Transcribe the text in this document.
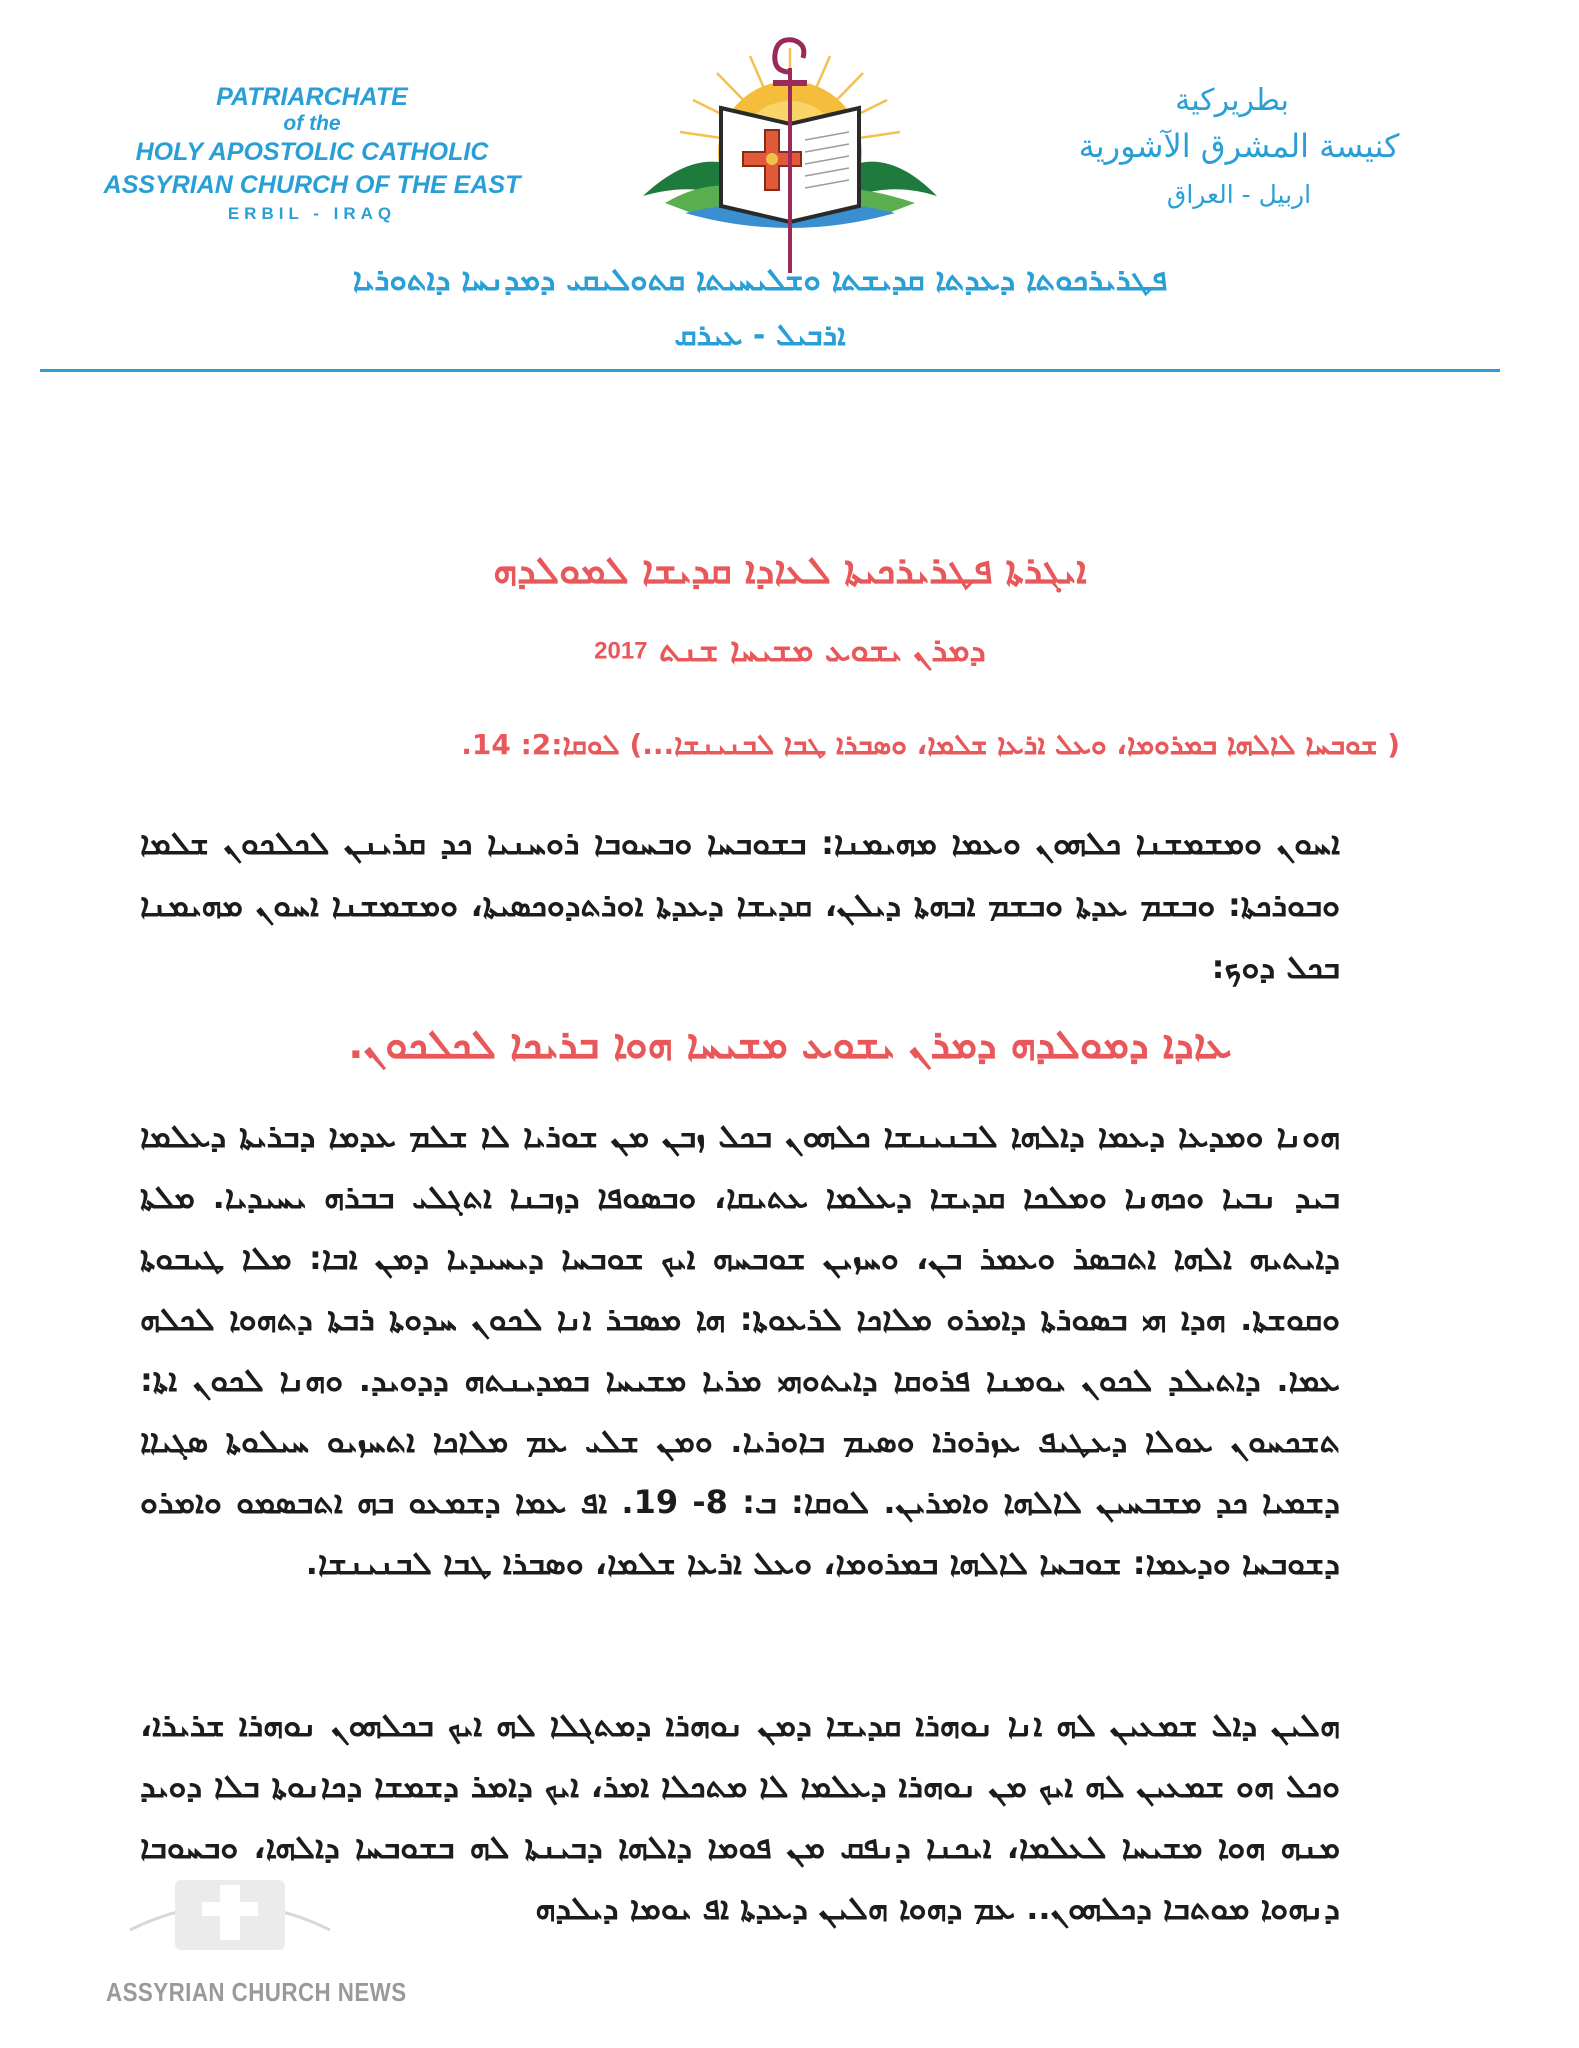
PATRIARCHATE
of the
HOLY APOSTOLIC CATHOLIC
ASSYRIAN CHURCH OF THE EAST
ERBIL - IRAQ
بطريركية
كنيسة المشرق الآشورية
اربيل - العراق
ܦܛܪܝܪܟܘܬܐ ܕܥܕܬܐ ܩܕܝܫܬܐ ܘܫܠܝܚܝܬܐ ܩܬܘܠܝܩܝ ܕܡܕܢܚܐ ܕܐܬܘܪܝܐ
ܐܪܒܝܠ - ܥܝܪܩ
ܐܝܓܪܬܐ ܦܛܪܝܪܟܝܬܐ ܠܥܐܕܐ ܩܕܝܫܐ ܠܡܘܠܕܗ
ܕܡܪܢ ܝܫܘܥ ܡܫܝܚܐ ܫܢܬ 2017
( ܫܘܒܚܐ ܠܐܠܗܐ ܒܡܪܘܡܐ، ܘܥܠ ܐܪܥܐ ܫܠܡܐ، ܘܣܒܪܐ ܛܒܐ ܠܒܢܝܢܫܐ...) ܠܘܩܐ:2: 14.
ܐܚܘܢ ܘܡܫܡܫܢܐ ܟܠܗܘܢ ܘܥܡܐ ܡܗܝܡܢܐ: ܒܫܘܒܚܐ ܘܒܚܘܒܐ ܪܘܚܢܝܐ ܟܕ ܩܪܝܢܢ ܠܟܠܟܘܢ ܫܠܡܐ ܘܒܘܪܟܬܐ: ܘܒܫܡ ܥܕܬܐ ܘܒܫܡ ܐܒܗܬܐ ܕܝܠܢ، ܩܕܝܫܐ ܕܥܕܬܐ ܐܘܪܬܕܘܟܣܝܬܐ، ܘܡܫܡܫܢܐ ܐܚܘܢ ܡܗܝܡܢܐ ܒܟܠ ܕܘܟ:
ܥܐܕܐ ܕܡܘܠܕܗ ܕܡܪܢ ܝܫܘܥ ܡܫܝܚܐ ܗܘܐ ܒܪܝܟܐ ܠܟܠܟܘܢ.
ܗܘܢܐ ܘܡܕܥܐ ܕܥܡܐ ܕܐܠܗܐ ܠܒܢܝܢܫܐ ܟܠܗܘܢ ܒܟܠ ܙܒܢ ܡܢ ܫܘܪܝܐ ܠܐ ܫܠܡ ܥܕܡܐ ܕܒܪܝܬܐ ܕܥܠܡܐ ܒܝܕ ܢܒܝܐ ܘܟܗܢܐ ܘܡܠܟܐ ܩܕܝܫܐ ܕܥܠܡܐ ܥܬܝܩܐ، ܘܒܣܘܦܐ ܕܙܒܢܐ ܐܬܓܠܝ ܒܒܪܗ ܝܚܝܕܝܐ. ܡܠܬܐ ܕܐܝܬܝܗ ܐܠܗܐ ܐܬܒܣܪ ܘܥܡܪ ܒܢ، ܘܚܙܝܢ ܫܘܒܚܗ ܐܝܟ ܫܘܒܚܐ ܕܝܚܝܕܝܐ ܕܡܢ ܐܒܐ: ܡܠܐ ܛܝܒܘܬܐ ܘܩܘܫܬܐ. ܗܕܐ ܗܝ ܒܣܘܪܬܐ ܕܐܡܪܘ ܡܠܐܟܐ ܠܪܥܘܬܐ: ܗܐ ܡܣܒܪ ܐܢܐ ܠܟܘܢ ܚܕܘܬܐ ܪܒܬܐ ܕܬܗܘܐ ܠܟܠܗ ܥܡܐ. ܕܐܬܝܠܕ ܠܟܘܢ ܝܘܡܢܐ ܦܪܘܩܐ ܕܐܝܬܘܗܝ ܡܪܝܐ ܡܫܝܚܐ ܒܡܕܝܢܬܗ ܕܕܘܝܕ. ܘܗܢܐ ܠܟܘܢ ܐܬܐ: ܬܫܟܚܘܢ ܥܘܠܐ ܕܥܛܝܦ ܥܙܪܘܪܐ ܘܣܝܡ ܒܐܘܪܝܐ. ܘܡܢ ܫܠܝ ܥܡ ܡܠܐܟܐ ܐܬܚܙܝܘ ܚܝܠܘܬܐ ܣܓܝܐܐ ܕܫܡܝܐ ܟܕ ܡܫܒܚܝܢ ܠܐܠܗܐ ܘܐܡܪܝܢ. ܠܘܩܐ: ܒ: 8- 19. ܐܦ ܥܡܐ ܕܫܡܥܘ ܒܗ ܐܬܒܣܡܘ ܘܐܡܪܘ ܕܫܘܒܚܐ ܘܕܥܡܐ: ܫܘܒܚܐ ܠܐܠܗܐ ܒܡܪܘܡܐ، ܘܥܠ ܐܪܥܐ ܫܠܡܐ، ܘܣܒܪܐ ܛܒܐ ܠܒܢܝܢܫܐ.
ܗܠܝܢ ܕܐܠ ܫܡܥܝܢ ܠܗ ܐܢܐ ܢܘܗܪܐ ܩܕܝܫܐ ܕܡܢ ܢܘܗܪܐ ܕܡܬܓܠܐ ܠܗ ܐܝܟ ܒܟܠܗܘܢ ܢܘܗܪܐ ܫܪܝܪܐ، ܘܟܠ ܗܘ ܫܡܥܝܢ ܠܗ ܐܝܟ ܡܢ ܢܘܗܪܐ ܕܥܠܡܐ ܠܐ ܡܬܟܠܐ ܐܡܪ، ܐܝܟ ܕܐܡܪ ܕܫܡܫܐ ܕܟܐܢܘܬܐ ܒܠܐ ܕܘܝܕ ܡܢܗ ܗܘܐ ܡܫܝܚܐ ܠܥܠܡܐ، ܐܝܟܢܐ ܕܢܦܩ ܡܢ ܦܘܡܐ ܕܐܠܗܐ ܕܒܝܢܬܐ ܠܗ ܒܫܘܒܚܐ ܕܐܠܗܐ، ܘܒܚܘܒܐ ܕܢܗܘܐ ܡܘܬܒܐ ܕܟܠܗܘܢ.. ܥܡ ܕܗܘܐ ܗܠܝܢ ܕܥܕܬܐ ܐܦ ܝܘܡܐ ܕܝܠܕܗ
ASSYRIAN CHURCH NEWS
